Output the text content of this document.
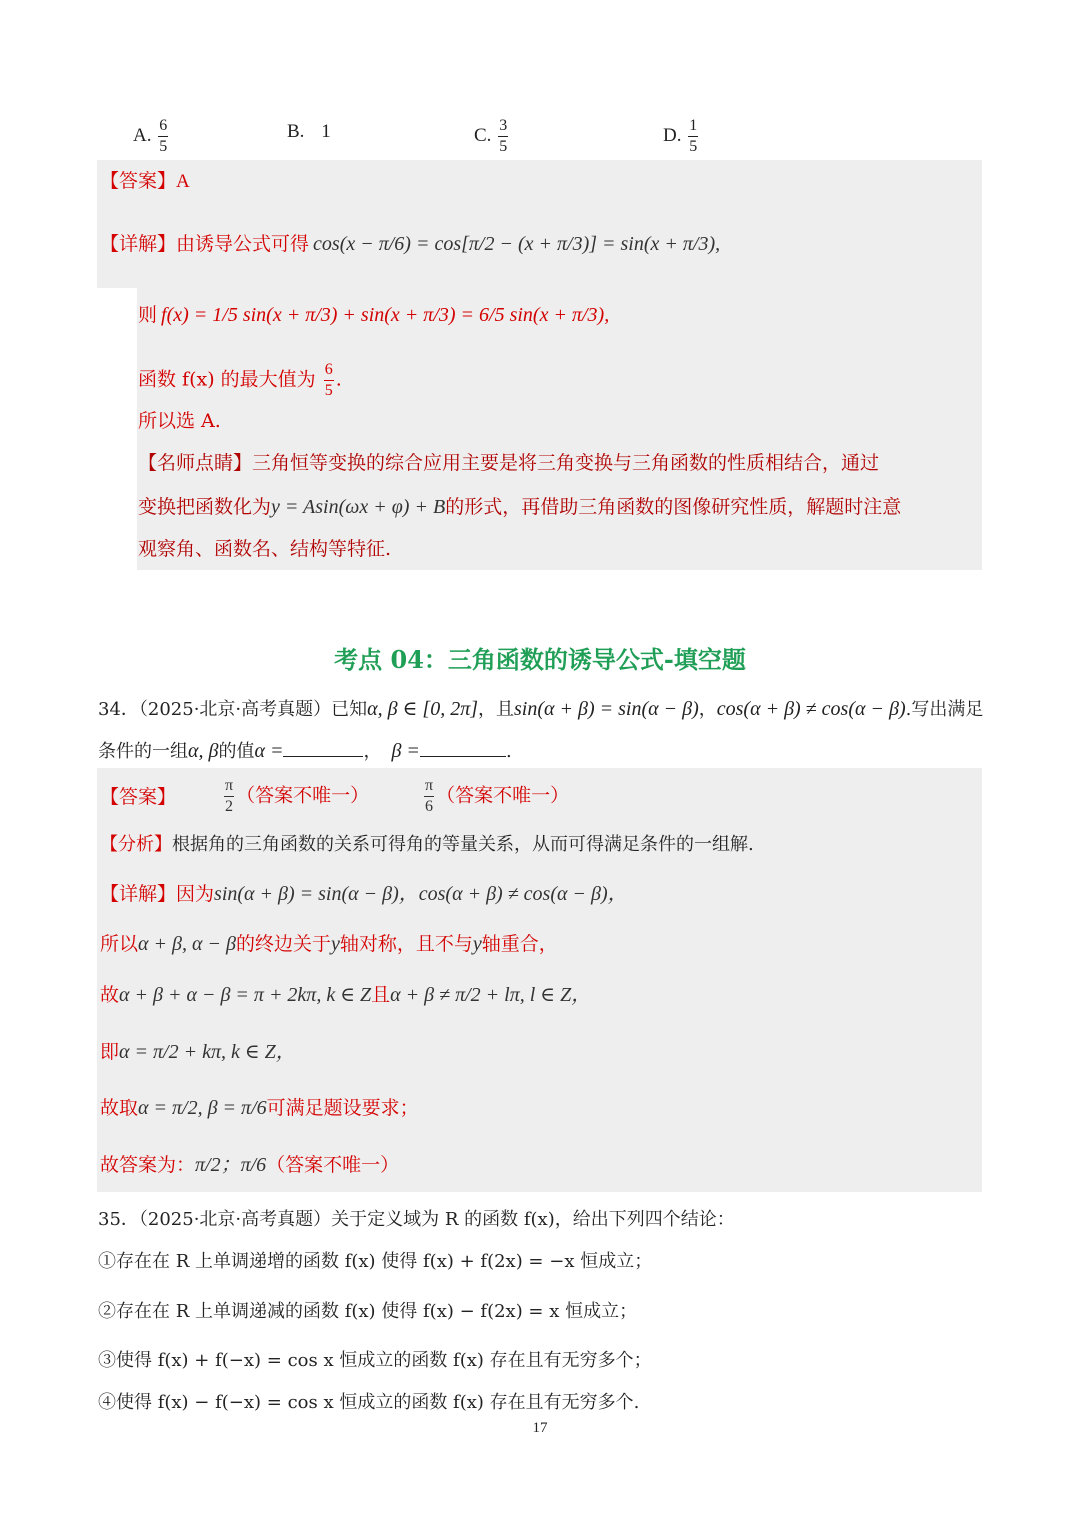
A. $\frac{6}{5}$	B. 1	C. $\frac{3}{5}$	D. $\frac{1}{5}$
【答案】A
【详解】由诱导公式可得 cos(x − π/6) = cos[π/2 − (x + π/3)] = sin(x + π/3),
则 f(x) = 1/5 sin(x + π/3) + sin(x + π/3) = 6/5 sin(x + π/3),
函数 f(x) 的最大值为 $\frac{6}{5}$ .
所以选 A.
【名师点睛】三角恒等变换的综合应用主要是将三角变换与三角函数的性质相结合，通过
变换把函数化为y = Asin(ωx + φ) + B的形式，再借助三角函数的图像研究性质，解题时注意
观察角、函数名、结构等特征.
考点 04：三角函数的诱导公式-填空题
34．（2025·北京·高考真题）已知α, β ∈ [0, 2π]，且sin(α + β) = sin(α − β)，cos(α + β) ≠ cos(α − β).写出满足
条件的一组α, β的值α =	， β =	.
【答案】	$\frac{\pi}{2}$ （答案不唯一）	$\frac{\pi}{6}$ （答案不唯一）
【分析】根据角的三角函数的关系可得角的等量关系，从而可得满足条件的一组解.
【详解】因为sin(α + β) = sin(α − β)，cos(α + β) ≠ cos(α − β)，
所以α + β, α − β的终边关于y轴对称，且不与y轴重合，
故α + β + α − β = π + 2kπ, k ∈ Z且α + β ≠ π/2 + lπ, l ∈ Z，
即α = π/2 + kπ, k ∈ Z，
故取α = π/2, β = π/6可满足题设要求；
故答案为：π/2；π/6（答案不唯一）
35．（2025·北京·高考真题）关于定义域为 R 的函数 f(x)，给出下列四个结论：
①存在在 R 上单调递增的函数 f(x) 使得 f(x) + f(2x) = −x 恒成立；
②存在在 R 上单调递减的函数 f(x) 使得 f(x) − f(2x) = x 恒成立；
③使得 f(x) + f(−x) = cos x 恒成立的函数 f(x) 存在且有无穷多个；
④使得 f(x) − f(−x) = cos x 恒成立的函数 f(x) 存在且有无穷多个.
17
